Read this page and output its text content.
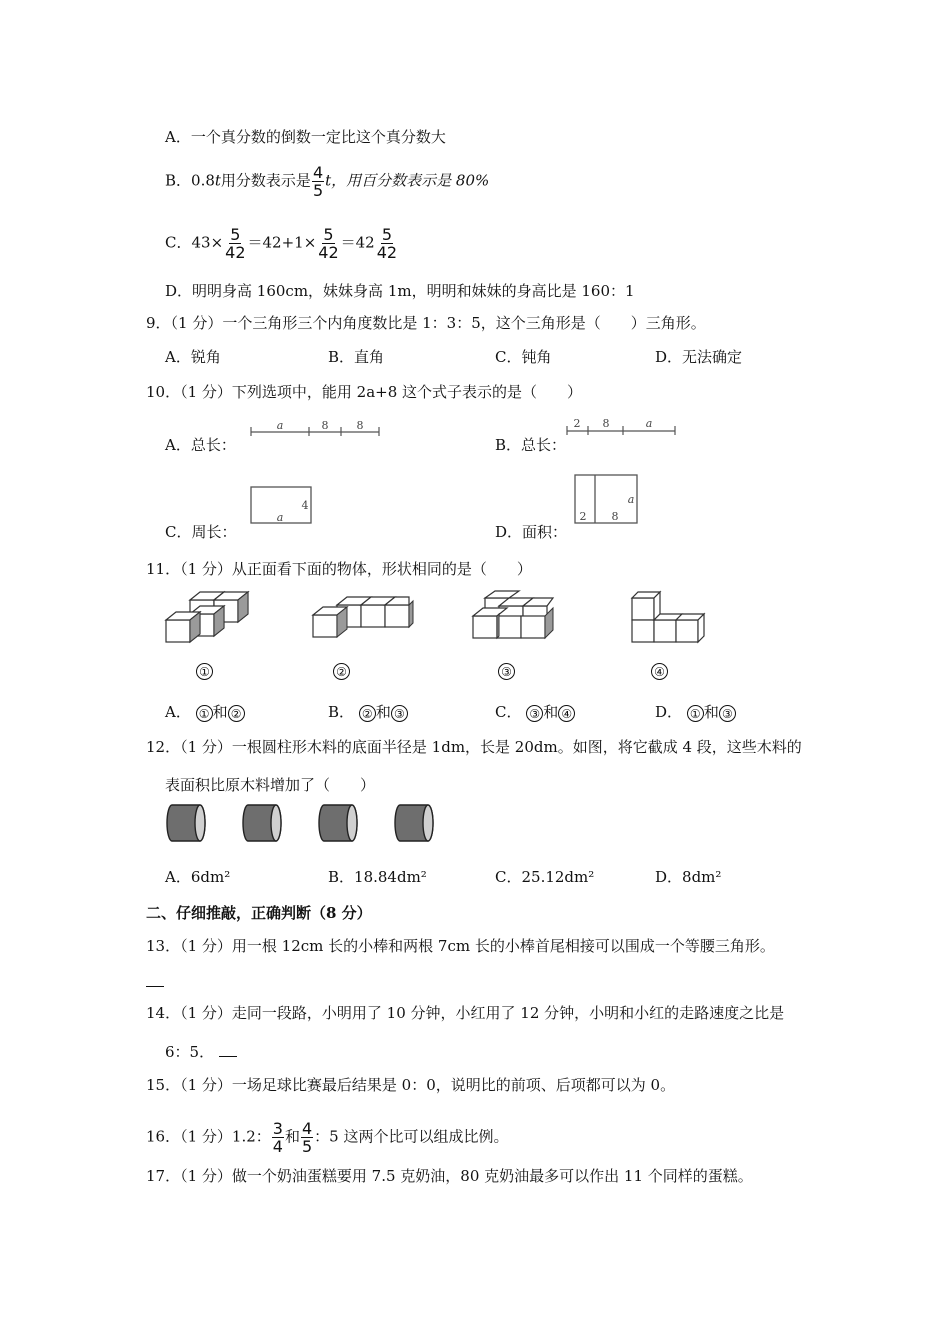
A．一个真分数的倒数一定比这个真分数大
B．0.8t用分数表示是 $\frac{4}{5}$ t，用百分数表示是 80%
C．$43\times \frac{5}{42} =42+1\times \frac{5}{42} =42 \frac{5}{42}$
D．明明身高 160cm，妹妹身高 1m，明明和妹妹的身高比是 160：1
9．（1 分）一个三角形三个内角度数比是 1：3：5，这个三角形是（　　）三角形。
A．锐角	B．直角	C．钝角	D．无法确定
10．（1 分）下列选项中，能用 2a+8 这个式子表示的是（　　）
A．总长：	B．总长：
C．周长：	D．面积：
a	8	8	2 8	a
a
4
2 8
a
11．（1 分）从正面看下面的物体，形状相同的是（　　）
①	②	③	④
A． ① 和 ②	B． ② 和 ③	C． ③ 和 ④	D． ① 和 ③
12．（1 分）一根圆柱形木料的底面半径是 1dm，长是 20dm。如图，将它截成 4 段，这些木料的
表面积比原木料增加了（　　）
A．6dm²	B．18.84dm²	C．25.12dm²	D．8dm²
二、仔细推敲，正确判断（8 分）
13．（1 分）用一根 12cm 长的小棒和两根 7cm 长的小棒首尾相接可以围成一个等腰三角形。
14．（1 分）走同一段路，小明用了 10 分钟，小红用了 12 分钟，小明和小红的走路速度之比是
6：5．
15．（1 分）一场足球比赛最后结果是 0：0，说明比的前项、后项都可以为 0。
16．（1 分）1.2： $\frac{3}{4}$ 和 $\frac{4}{5}$ ：5 这两个比可以组成比例。
17．（1 分）做一个奶油蛋糕要用 7.5 克奶油，80 克奶油最多可以作出 11 个同样的蛋糕。
